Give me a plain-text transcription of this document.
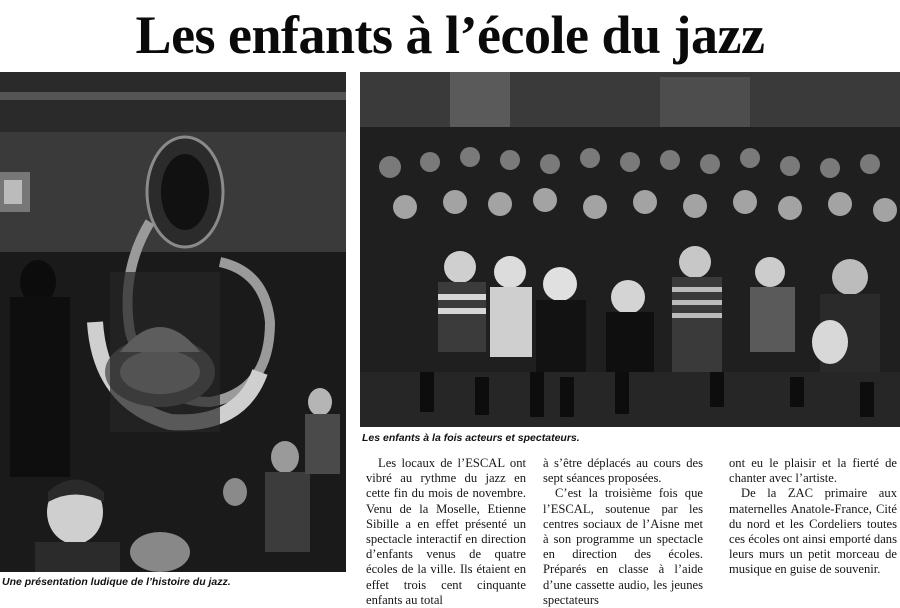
Les enfants à l’école du jazz
Une présentation ludique de l’histoire du jazz.
Les enfants à la fois acteurs et spectateurs.

Les locaux de l’ESCAL ont vibré au rythme du jazz en cette fin du mois de novembre. Venu de la Moselle, Etienne Sibille a en effet présenté un spectacle interactif en direction d’enfants venus de quatre écoles de la ville. Ils étaient en effet trois cent cinquante enfants au total

à s’être déplacés au cours des sept séances proposées.

C’est la troisième fois que l’ESCAL, soutenue par les centres sociaux de l’Aisne met à son programme un spectacle en direction des écoles. Préparés en classe à l’aide d’une cassette audio, les jeunes spectateurs

ont eu le plaisir et la fierté de chanter avec l’artiste.

De la ZAC primaire aux maternelles Anatole-France, Cité du nord et les Cordeliers toutes ces écoles ont ainsi emporté dans leurs murs un petit morceau de musique en guise de souvenir.
